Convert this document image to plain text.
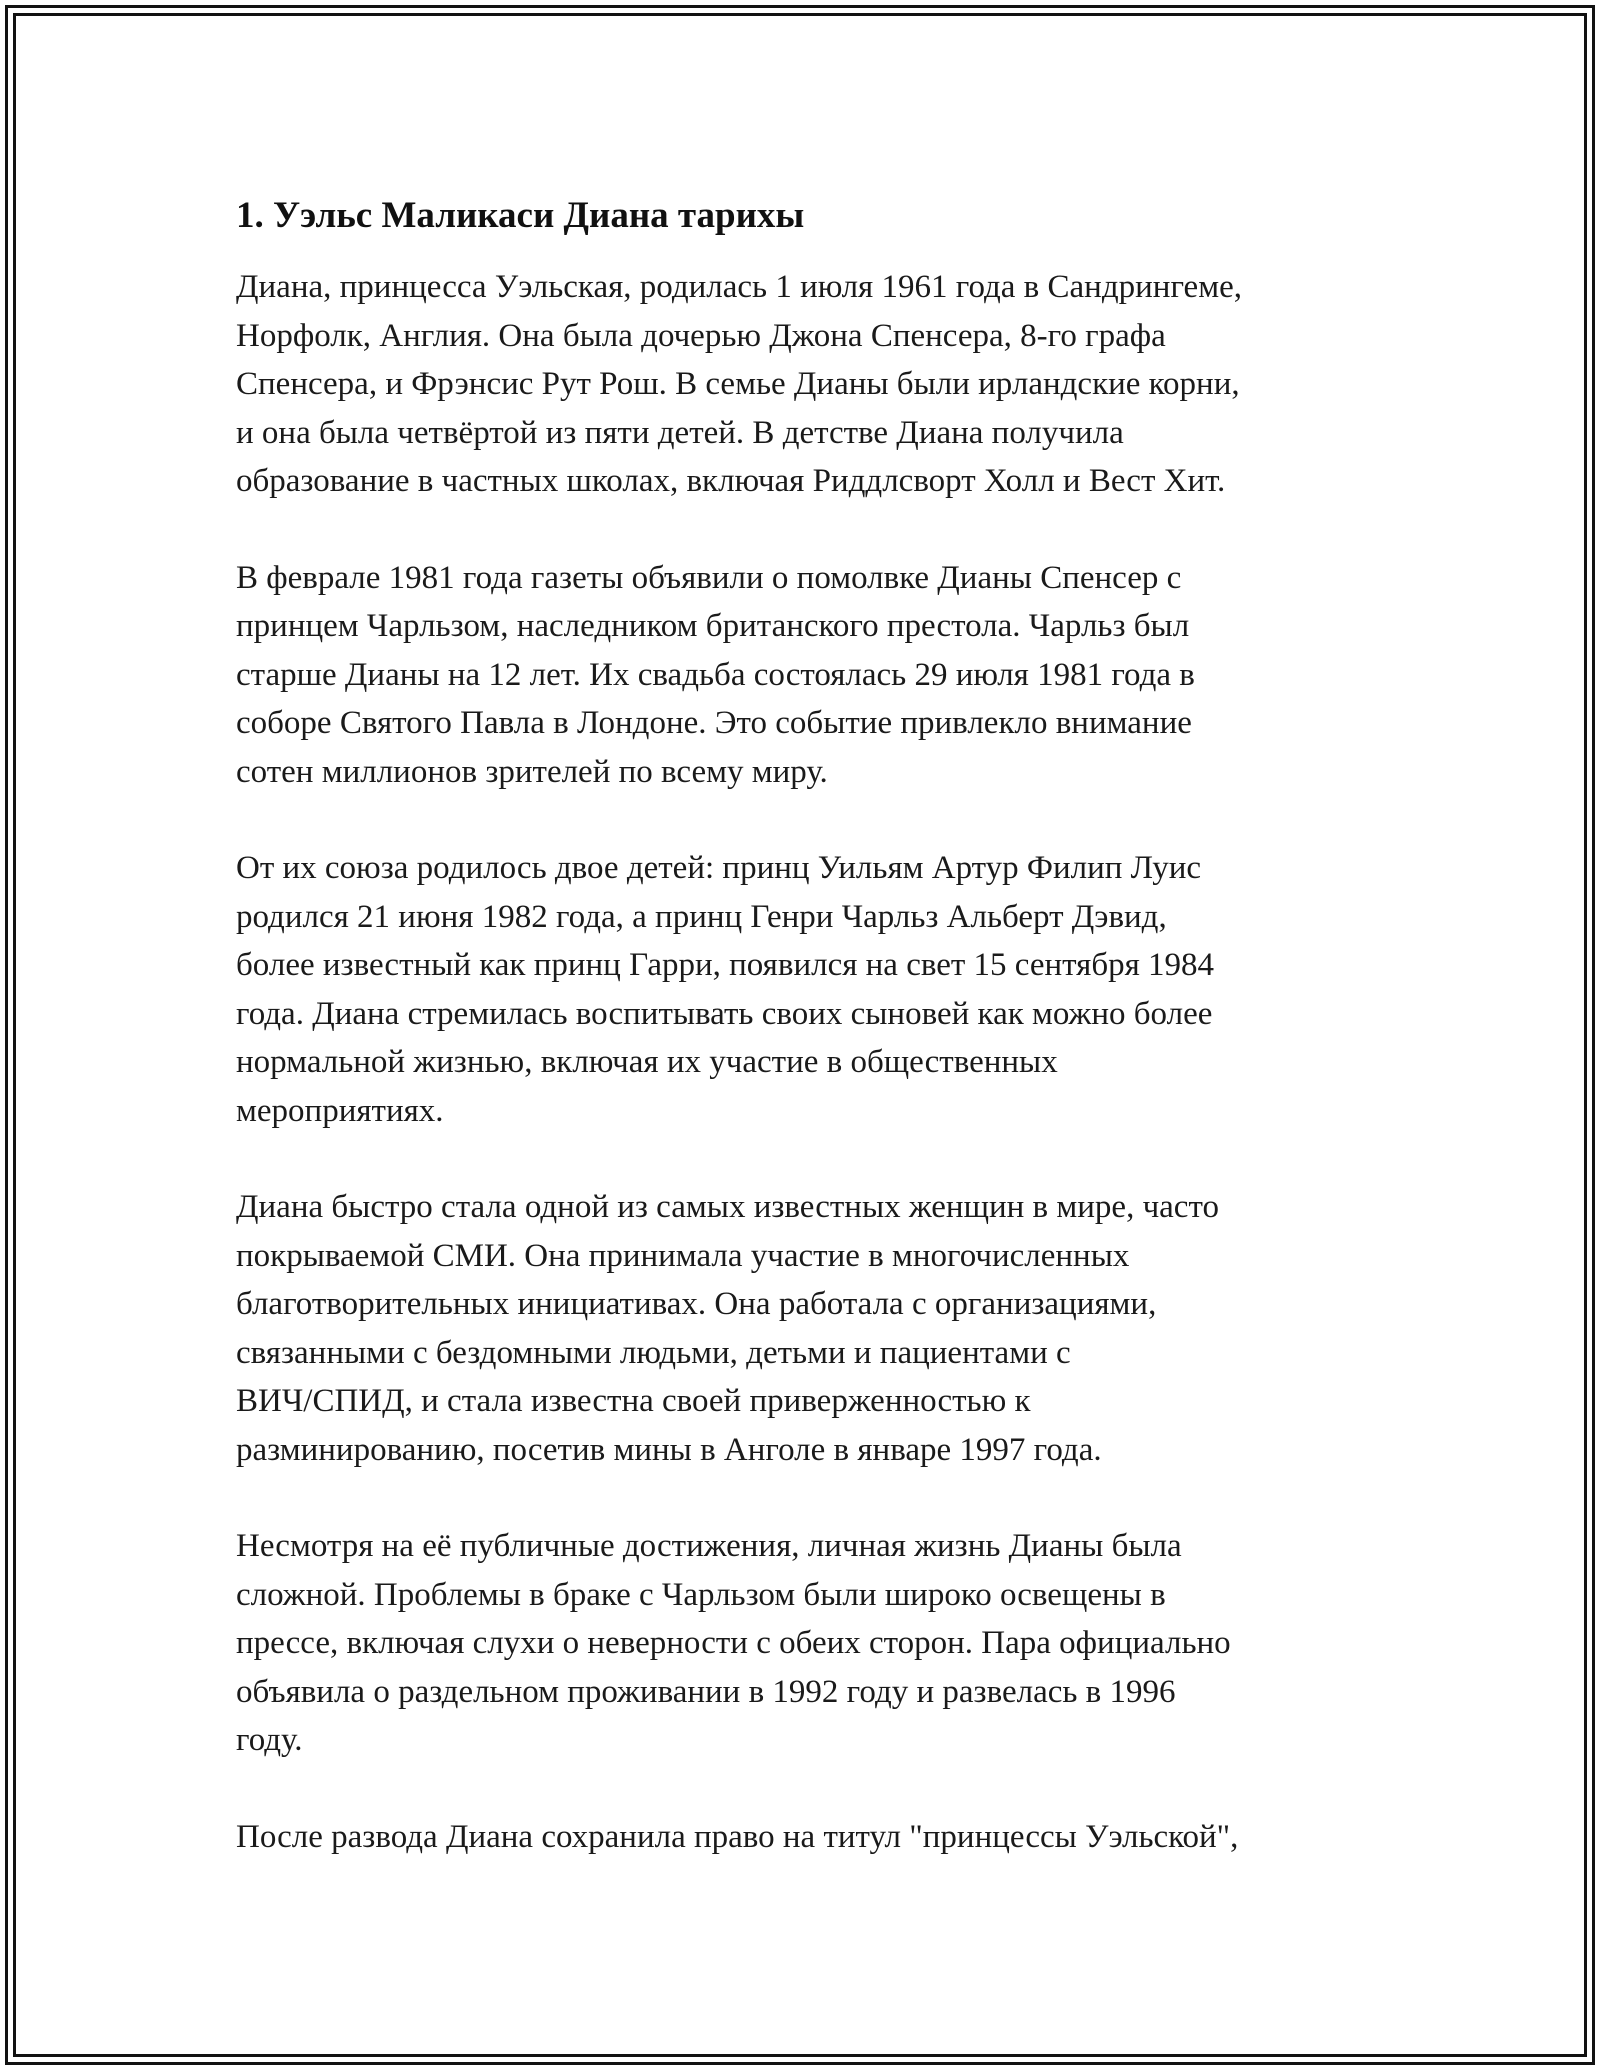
1. Уэльс Маликаси Диана тарихы

Диана, принцесса Уэльская, родилась 1 июля 1961 года в Сандрингеме,
Норфолк, Англия. Она была дочерью Джона Спенсера, 8-го графа
Спенсера, и Фрэнсис Рут Рош. В семье Дианы были ирландские корни,
и она была четвёртой из пяти детей. В детстве Диана получила
образование в частных школах, включая Риддлсворт Холл и Вест Хит.

В феврале 1981 года газеты объявили о помолвке Дианы Спенсер с
принцем Чарльзом, наследником британского престола. Чарльз был
старше Дианы на 12 лет. Их свадьба состоялась 29 июля 1981 года в
соборе Святого Павла в Лондоне. Это событие привлекло внимание
сотен миллионов зрителей по всему миру.

От их союза родилось двое детей: принц Уильям Артур Филип Луис
родился 21 июня 1982 года, а принц Генри Чарльз Альберт Дэвид,
более известный как принц Гарри, появился на свет 15 сентября 1984
года. Диана стремилась воспитывать своих сыновей как можно более
нормальной жизнью, включая их участие в общественных
мероприятиях.

Диана быстро стала одной из самых известных женщин в мире, часто
покрываемой СМИ. Она принимала участие в многочисленных
благотворительных инициативах. Она работала с организациями,
связанными с бездомными людьми, детьми и пациентами с
ВИЧ/СПИД, и стала известна своей приверженностью к
разминированию, посетив мины в Анголе в январе 1997 года.

Несмотря на её публичные достижения, личная жизнь Дианы была
сложной. Проблемы в браке с Чарльзом были широко освещены в
прессе, включая слухи о неверности с обеих сторон. Пара официально
объявила о раздельном проживании в 1992 году и развелась в 1996
году.

После развода Диана сохранила право на титул "принцессы Уэльской",
